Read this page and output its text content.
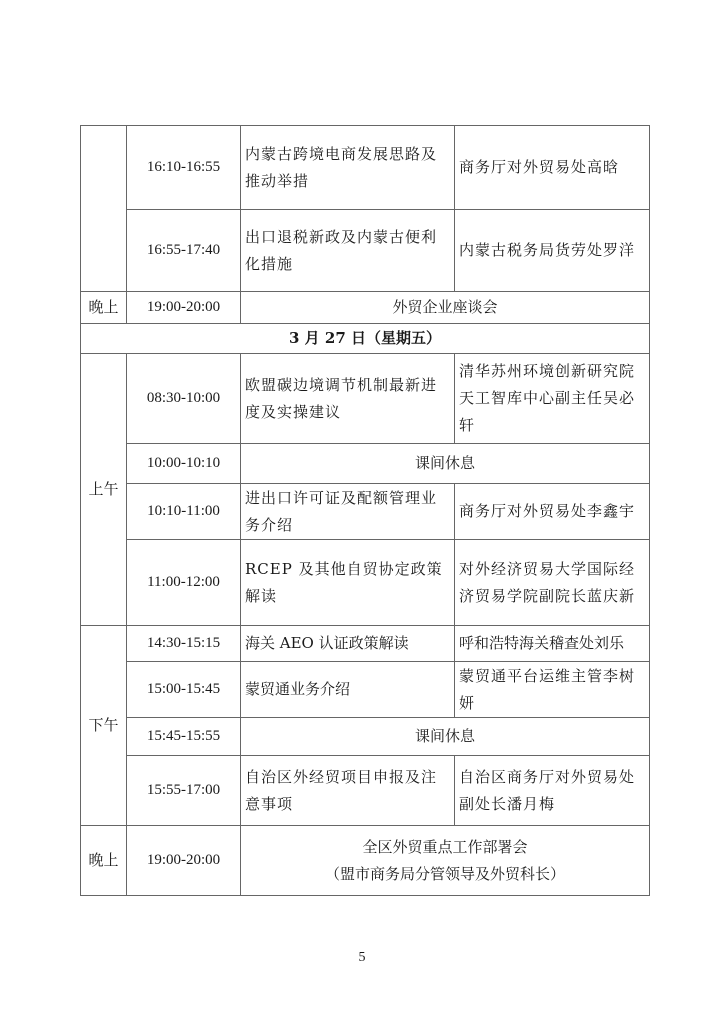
	16:10-16:55	内蒙古跨境电商发展思路及推动举措	商务厅对外贸易处高晗
	16:55-17:40	出口退税新政及内蒙古便利化措施	内蒙古税务局货劳处罗洋
晚上	19:00-20:00	外贸企业座谈会	
3 月 27 日（星期五）			
上午	08:30-10:00	欧盟碳边境调节机制最新进度及实操建议	清华苏州环境创新研究院天工智库中心副主任吴必轩
	10:00-10:10	课间休息	
	10:10-11:00	进出口许可证及配额管理业务介绍	商务厅对外贸易处李鑫宇
	11:00-12:00	RCEP 及其他自贸协定政策解读	对外经济贸易大学国际经济贸易学院副院长蓝庆新
下午	14:30-15:15	海关 AEO 认证政策解读	呼和浩特海关稽查处刘乐
	15:00-15:45	蒙贸通业务介绍	蒙贸通平台运维主管李树妍
	15:45-15:55	课间休息	
	15:55-17:00	自治区外经贸项目申报及注意事项	自治区商务厅对外贸易处副处长潘月梅
晚上	19:00-20:00	全区外贸重点工作部署会
（盟市商务局分管领导及外贸科长）	
5
